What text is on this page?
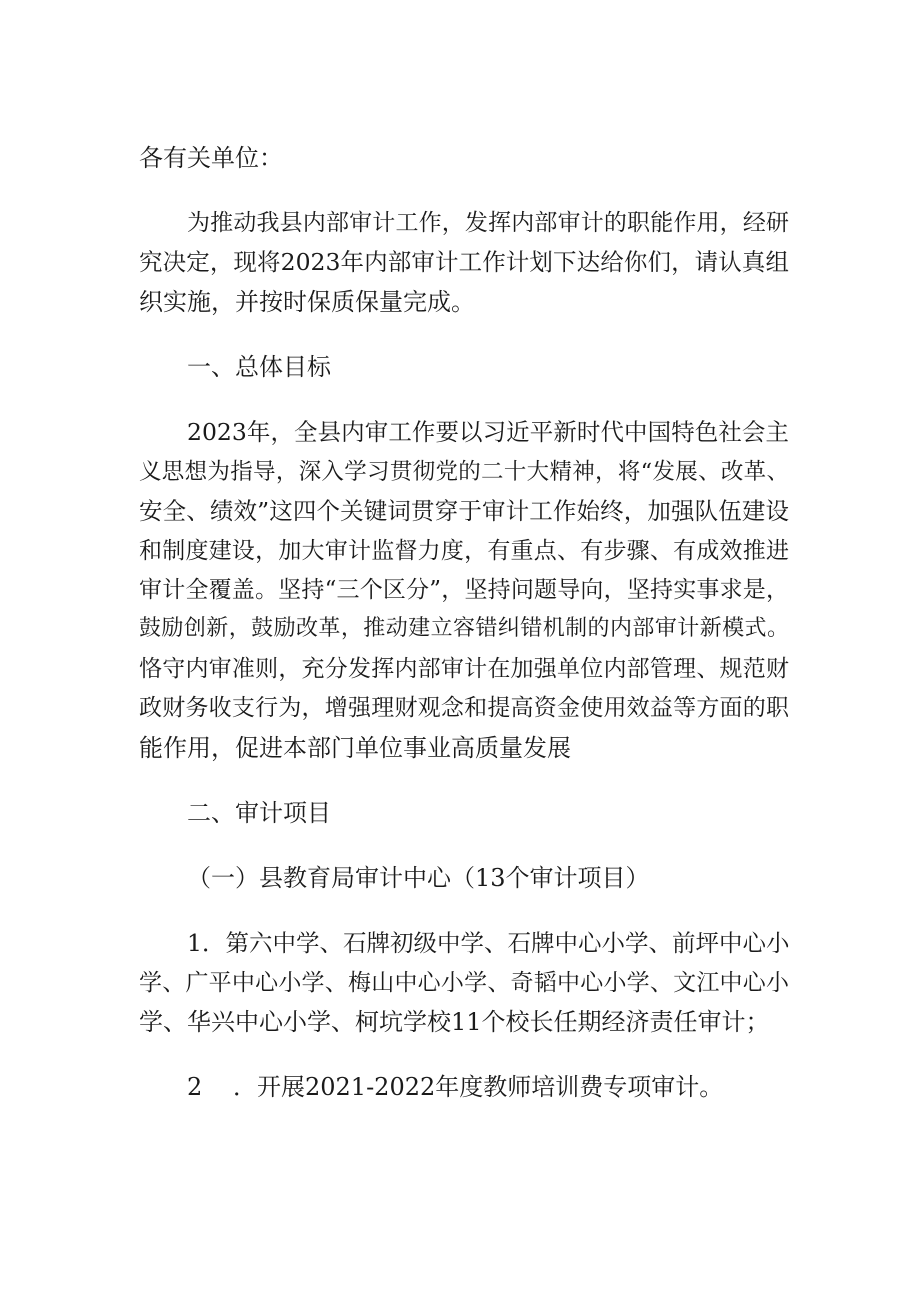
各有关单位：
为推动我县内部审计工作，发挥内部审计的职能作用，经研
究决定，现将2023年内部审计工作计划下达给你们，请认真组
织实施，并按时保质保量完成。
一、总体目标
2023年，全县内审工作要以习近平新时代中国特色社会主
义思想为指导，深入学习贯彻党的二十大精神，将“发展、改革、
安全、绩效”这四个关键词贯穿于审计工作始终，加强队伍建设
和制度建设，加大审计监督力度，有重点、有步骤、有成效推进
审计全覆盖。坚持“三个区分”，坚持问题导向，坚持实事求是，
鼓励创新，鼓励改革，推动建立容错纠错机制的内部审计新模式。
恪守内审准则，充分发挥内部审计在加强单位内部管理、规范财
政财务收支行为，增强理财观念和提高资金使用效益等方面的职
能作用，促进本部门单位事业高质量发展
二、审计项目
（一）县教育局审计中心（13个审计项目）
1．第六中学、石牌初级中学、石牌中心小学、前坪中心小
学、广平中心小学、梅山中心小学、奇韬中心小学、文江中心小
学、华兴中心小学、柯坑学校11个校长任期经济责任审计；
2	．开展2021-2022年度教师培训费专项审计。
